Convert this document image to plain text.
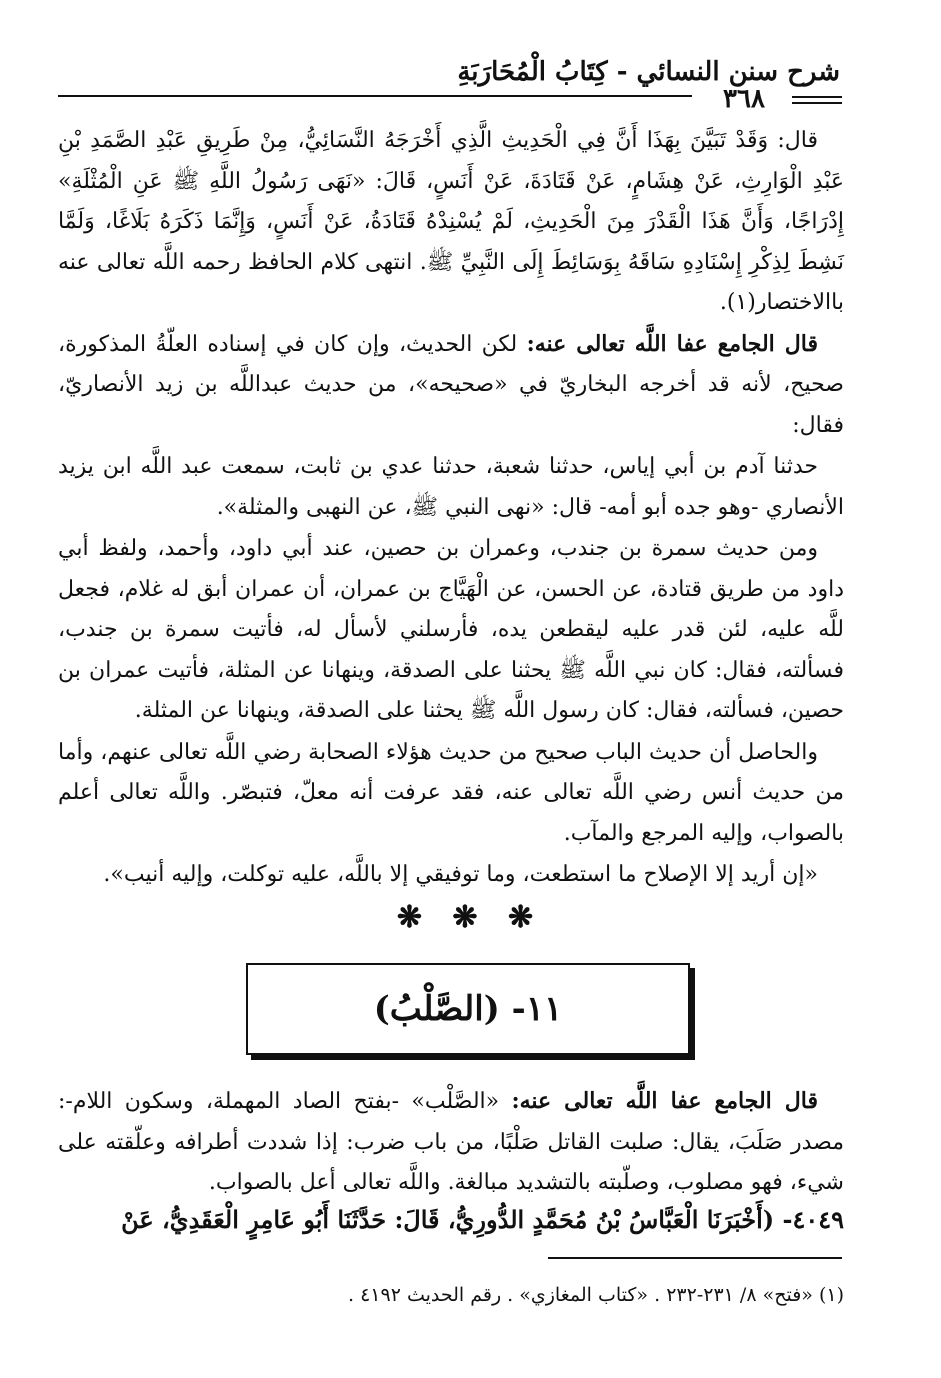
شرح سنن النسائي - كِتَابُ الْمُحَارَبَةِ
٣٦٨

قال: وَقَدْ تَبَيَّنَ بِهَذَا أَنَّ فِي الْحَدِيثِ الَّذِي أَخْرَجَهُ النَّسَائِيُّ، مِنْ طَرِيقِ عَبْدِ الصَّمَدِ بْنِ عَبْدِ الْوَارِثِ، عَنْ هِشَامٍ، عَنْ قَتَادَةَ، عَنْ أَنَسٍ، قَالَ: «نَهَى رَسُولُ اللَّهِ ﷺ عَنِ الْمُثْلَةِ» إِدْرَاجًا، وَأَنَّ هَذَا الْقَدْرَ مِنَ الْحَدِيثِ، لَمْ يُسْنِدْهُ قَتَادَةُ، عَنْ أَنَسٍ، وَإِنَّمَا ذَكَرَهُ بَلَاغًا، وَلَمَّا نَشِطَ لِذِكْرِ إِسْنَادِهِ سَاقَهُ بِوَسَائِطَ إِلَى النَّبِيِّ ﷺ. انتهى كلام الحافظ رحمه اللَّه تعالى عنه باالاختصار(١).

قال الجامع عفا اللَّه تعالى عنه: لكن الحديث، وإن كان في إسناده العلّةُ المذكورة، صحيح، لأنه قد أخرجه البخاريّ في «صحيحه»، من حديث عبداللَّه بن زيد الأنصاريّ، فقال:

حدثنا آدم بن أبي إياس، حدثنا شعبة، حدثنا عدي بن ثابت، سمعت عبد اللَّه ابن يزيد الأنصاري -وهو جده أبو أمه- قال: «نهى النبي ﷺ، عن النهبى والمثلة».

ومن حديث سمرة بن جندب، وعمران بن حصين، عند أبي داود، وأحمد، ولفظ أبي داود من طريق قتادة، عن الحسن، عن الْهَيَّاج بن عمران، أن عمران أبق له غلام، فجعل للَّه عليه، لئن قدر عليه ليقطعن يده، فأرسلني لأسأل له، فأتيت سمرة بن جندب، فسألته، فقال: كان نبي اللَّه ﷺ يحثنا على الصدقة، وينهانا عن المثلة، فأتيت عمران بن حصين، فسألته، فقال: كان رسول اللَّه ﷺ يحثنا على الصدقة، وينهانا عن المثلة.

والحاصل أن حديث الباب صحيح من حديث هؤلاء الصحابة رضي اللَّه تعالى عنهم، وأما من حديث أنس رضي اللَّه تعالى عنه، فقد عرفت أنه معلّ، فتبصّر. واللَّه تعالى أعلم بالصواب، وإليه المرجع والمآب.

«إن أريد إلا الإصلاح ما استطعت، وما توفيقي إلا باللَّه، عليه توكلت، وإليه أنيب».

❋ ❋ ❋
١١- (الصَّلْبُ)

قال الجامع عفا اللَّه تعالى عنه: «الصَّلْب» -بفتح الصاد المهملة، وسكون اللام-: مصدر صَلَبَ، يقال: صلبت القاتل صَلْبًا، من باب ضرب: إذا شددت أطرافه وعلّقته على شيء، فهو مصلوب، وصلّبته بالتشديد مبالغة. واللَّه تعالى أعل بالصواب.

٤٠٤٩- (أَخْبَرَنَا الْعَبَّاسُ بْنُ مُحَمَّدٍ الدُّورِيُّ، قَالَ: حَدَّثَنَا أَبُو عَامِرٍ الْعَقَدِيُّ، عَنْ
(١) «فتح» ٨/ ٢٣١-٢٣٢ . «كتاب المغازي» . رقم الحديث ٤١٩٢ .
